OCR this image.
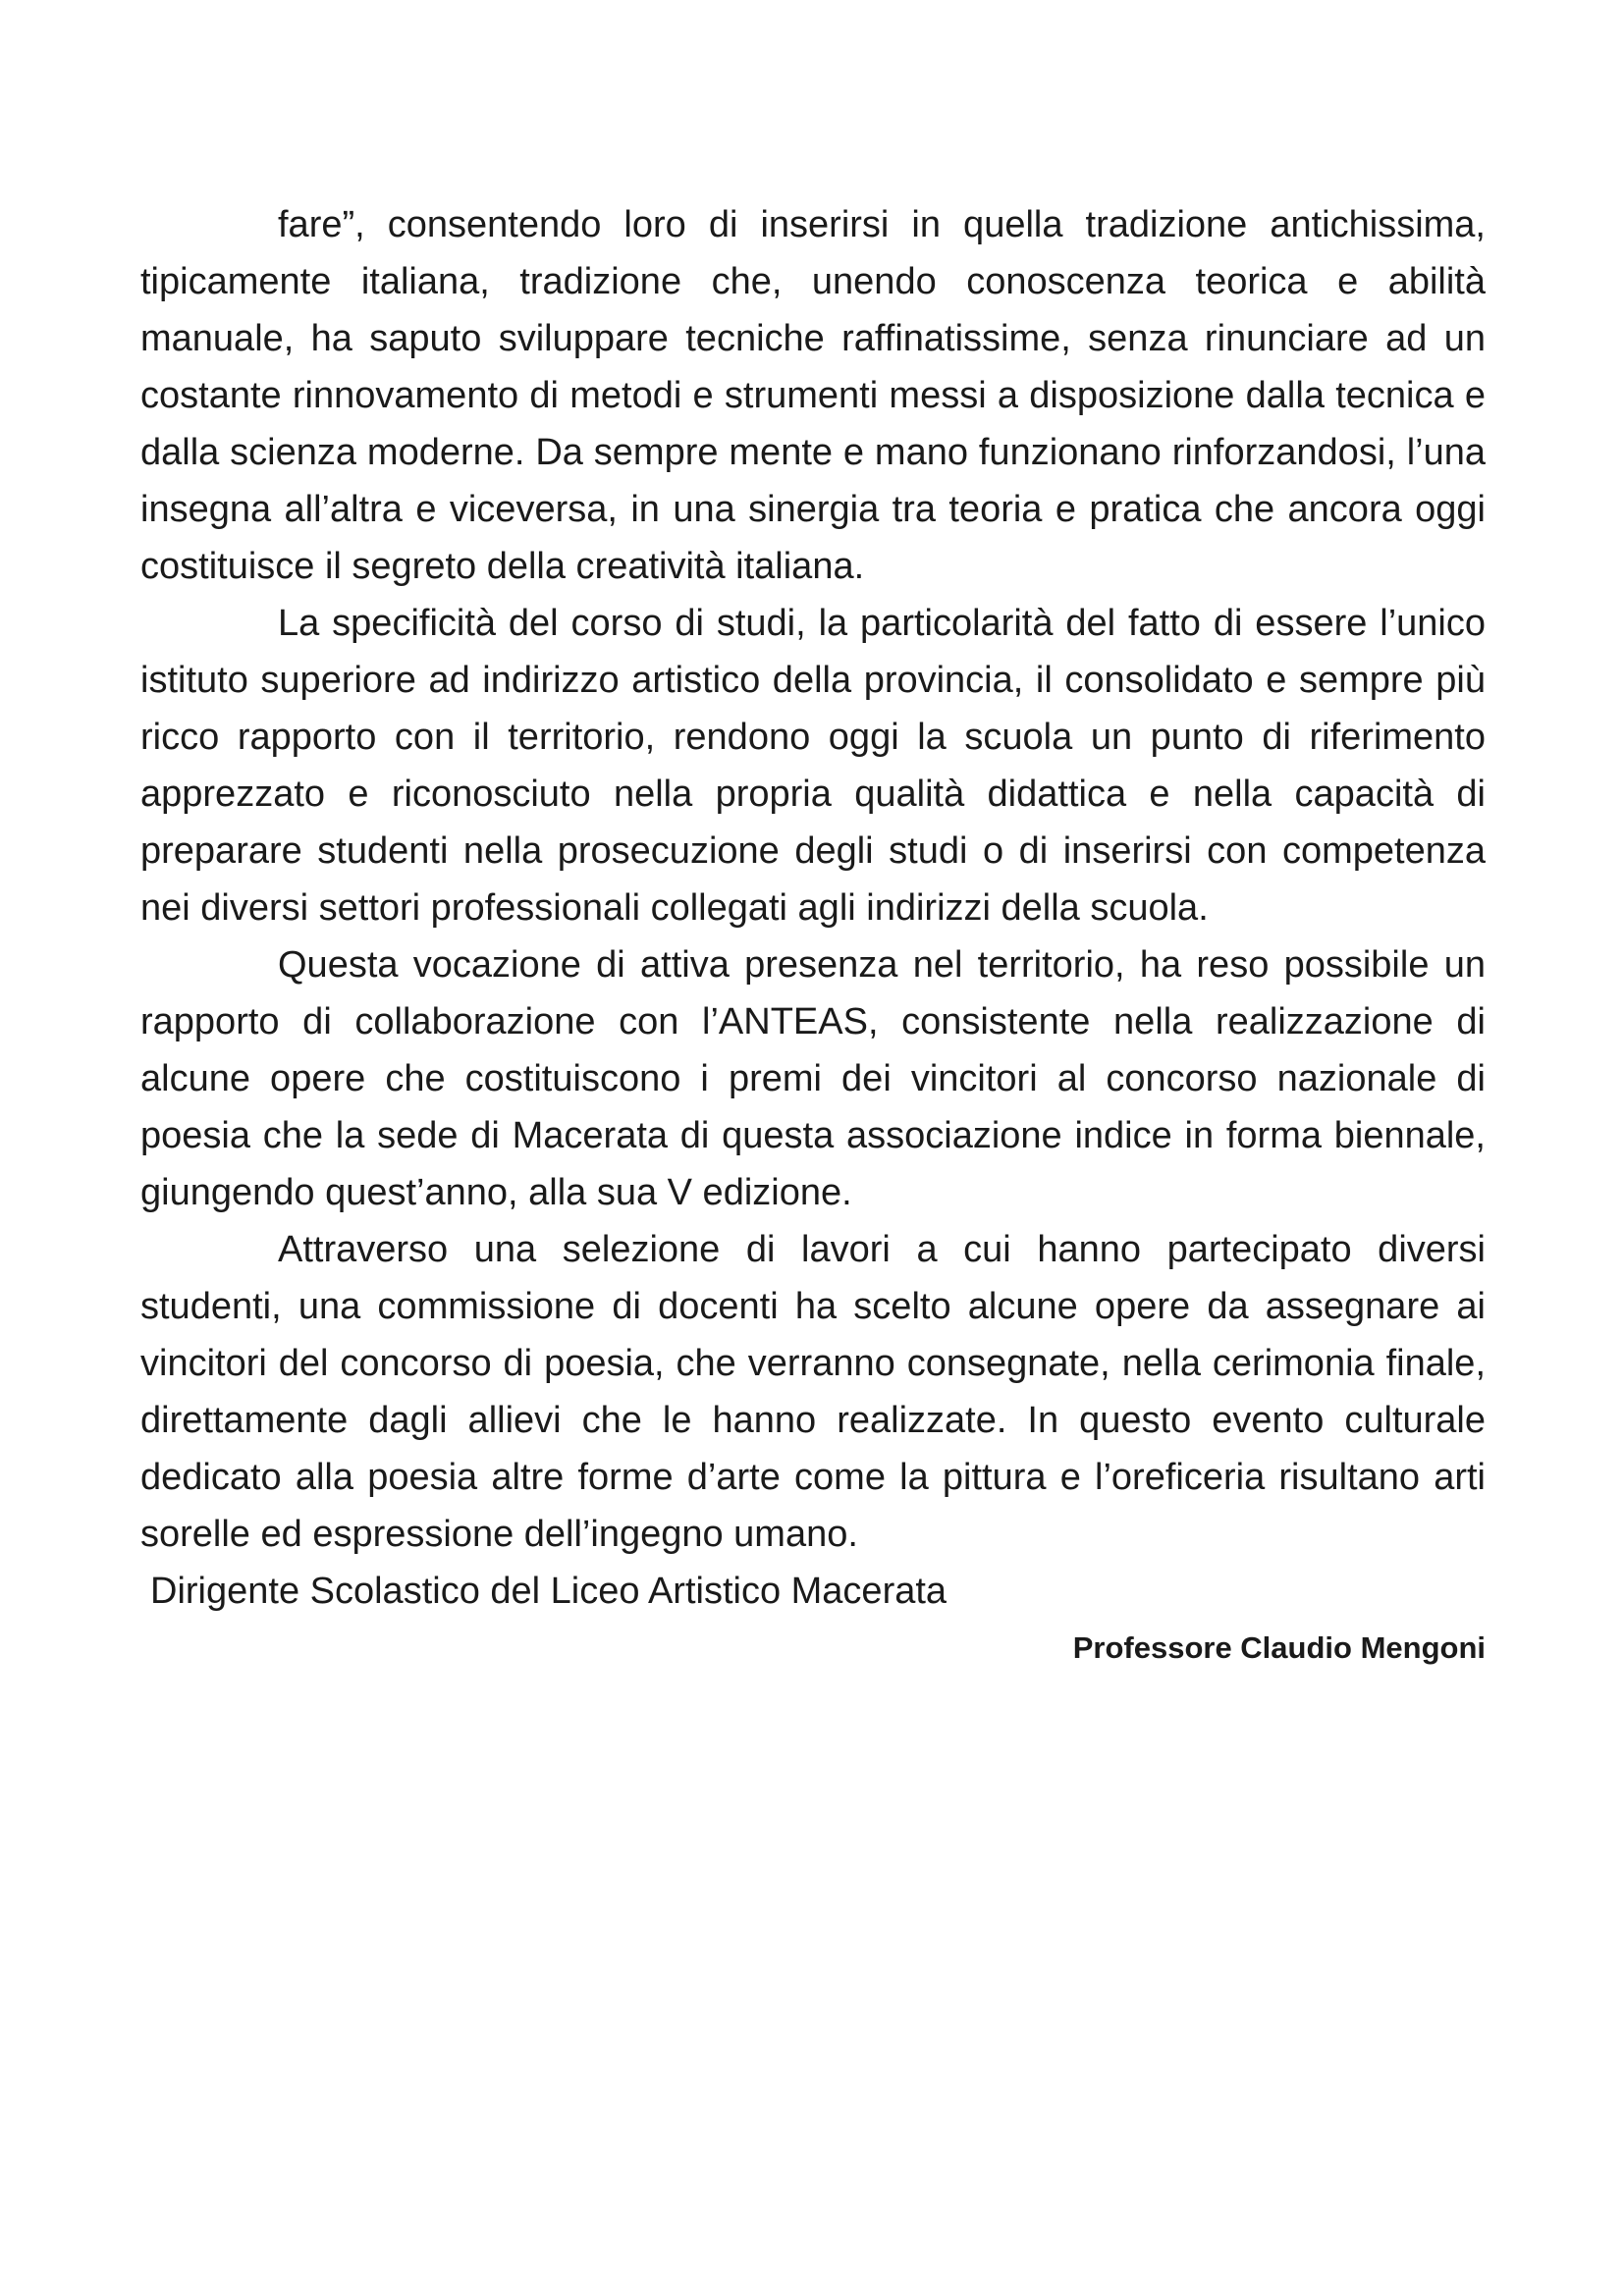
fare”, consentendo loro di inserirsi in quella tradizione antichissima, tipicamente italiana, tradizione che, unendo conoscenza teorica e abilità manuale, ha saputo sviluppare tecniche raffinatissime, senza rinunciare ad un costante rinnovamento di metodi e strumenti messi a disposizione dalla tecnica e dalla scienza moderne. Da sempre mente e mano funzionano rinforzandosi, l’una insegna all’altra e viceversa, in una sinergia tra teoria e pratica che ancora oggi costituisce il segreto della creatività italiana.

La specificità del corso di studi, la particolarità del fatto di essere l’unico istituto superiore ad indirizzo artistico della provincia, il consolidato e sempre più ricco rapporto con il territorio, rendono oggi la scuola un punto di riferimento apprezzato e riconosciuto nella propria qualità didattica e nella capacità di preparare studenti nella prosecuzione degli studi o di inserirsi con competenza nei diversi settori professionali collegati agli indirizzi della scuola.

Questa vocazione di attiva presenza nel territorio, ha reso possibile un rapporto di collaborazione con l’ANTEAS, consistente nella realizzazione di alcune opere che costituiscono i premi dei vincitori al concorso nazionale di poesia che la sede di Macerata di questa associazione indice in forma biennale, giungendo quest’anno, alla sua V edizione.

Attraverso una selezione di lavori a cui hanno partecipato diversi studenti, una commissione di docenti ha scelto alcune opere da assegnare ai vincitori del concorso di poesia, che verranno consegnate, nella cerimonia finale, direttamente dagli allievi che le hanno realizzate. In questo evento culturale dedicato alla poesia altre forme d’arte come la pittura e l’oreficeria risultano arti sorelle ed espressione dell’ingegno umano.

Dirigente Scolastico del Liceo Artistico Macerata
Professore Claudio Mengoni
